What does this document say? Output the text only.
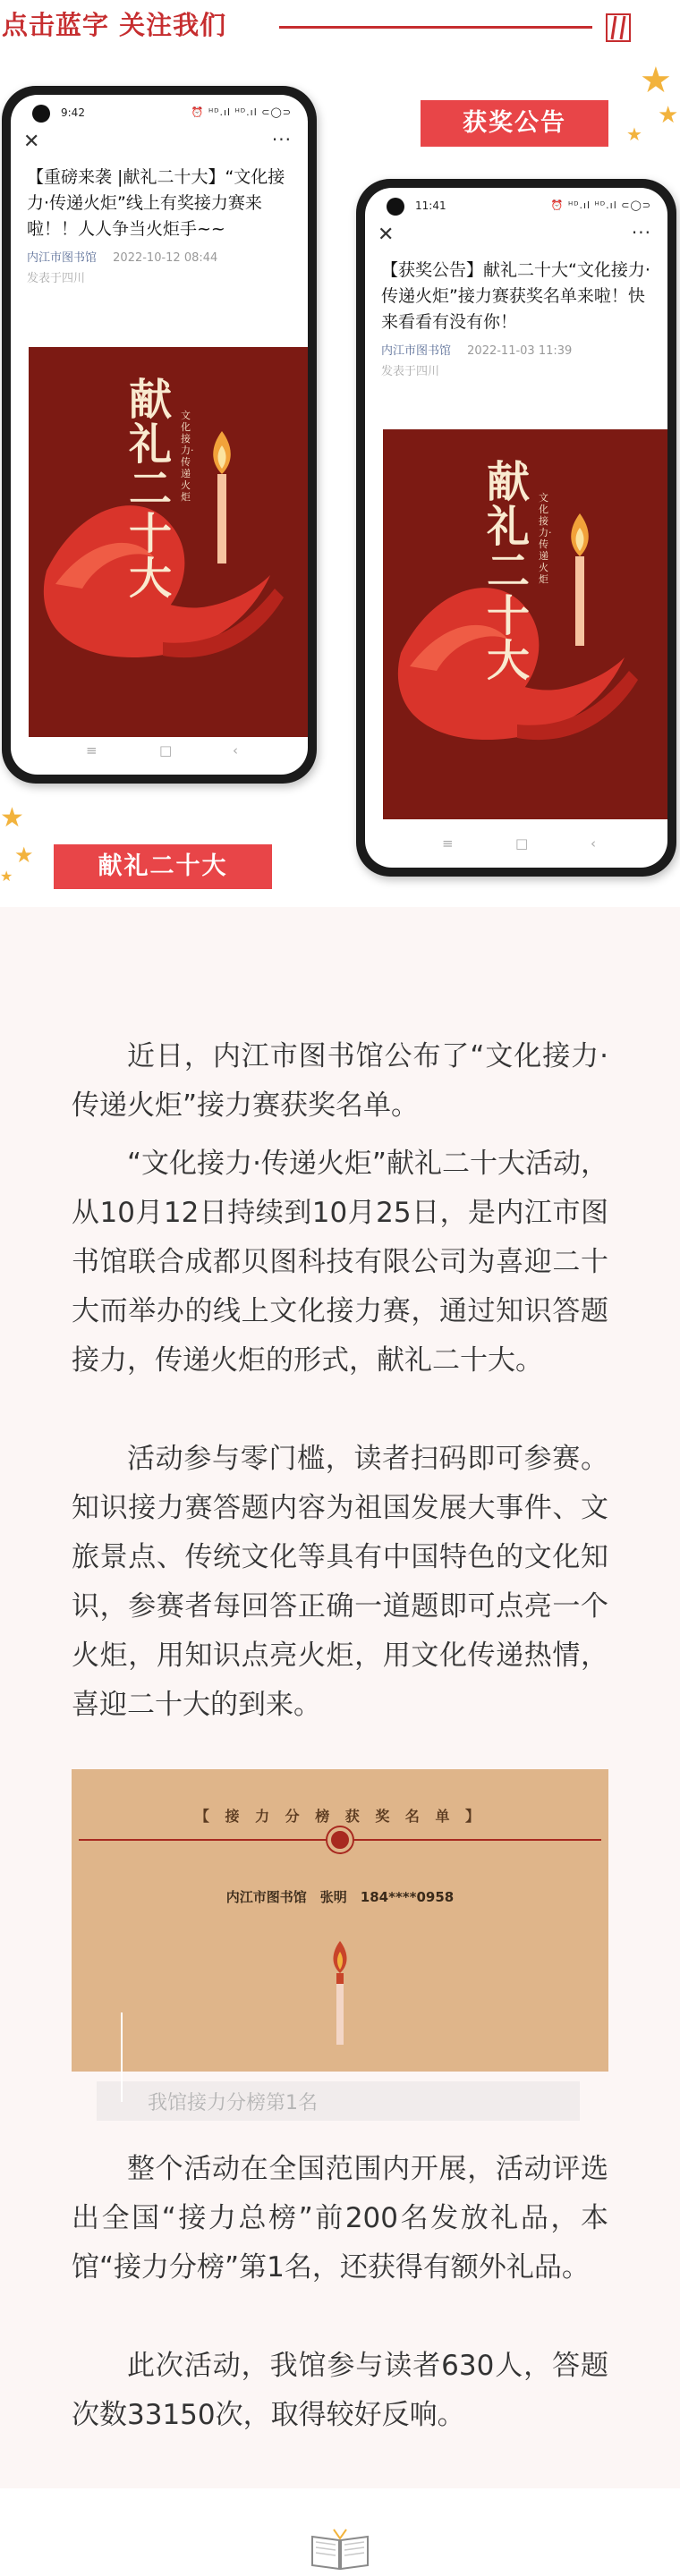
点击蓝字 关注我们
9:42	⏰ ᴴᴰ.ıl ᴴᴰ.ıl ⊂◯⊃
✕	···
【重磅来袭 |献礼二十大】“文化接力·传递火炬”线上有奖接力赛来啦！！人人争当火炬手~~
内江市图书馆 2022-10-12 08:44
发表于四川
献礼二十大
文化接力·传递火炬
≡	□	‹
11:41	⏰ ᴴᴰ.ıl ᴴᴰ.ıl ⊂◯⊃
✕	···
【获奖公告】献礼二十大“文化接力·传递火炬”接力赛获奖名单来啦！快来看看有没有你！
内江市图书馆 2022-11-03 11:39
发表于四川
献礼二十大
文化接力·传递火炬
≡	□	‹
获奖公告
献礼二十大
★
★
★
★
★
★

近日，内江市图书馆公布了“文化接力·传递火炬”接力赛获奖名单。

“文化接力·传递火炬”献礼二十大活动，从10月12日持续到10月25日，是内江市图书馆联合成都贝图科技有限公司为喜迎二十大而举办的线上文化接力赛，通过知识答题接力，传递火炬的形式，献礼二十大。

活动参与零门槛，读者扫码即可参赛。知识接力赛答题内容为祖国发展大事件、文旅景点、传统文化等具有中国特色的文化知识，参赛者每回答正确一道题即可点亮一个火炬，用知识点亮火炬，用文化传递热情，喜迎二十大的到来。

【 接 力 分 榜 获 奖 名 单 】
内江市图书馆　张明　184****0958
我馆接力分榜第1名

整个活动在全国范围内开展，活动评选出全国“接力总榜”前200名发放礼品，本馆“接力分榜”第1名，还获得有额外礼品。

此次活动，我馆参与读者630人，答题次数33150次，取得较好反响。
